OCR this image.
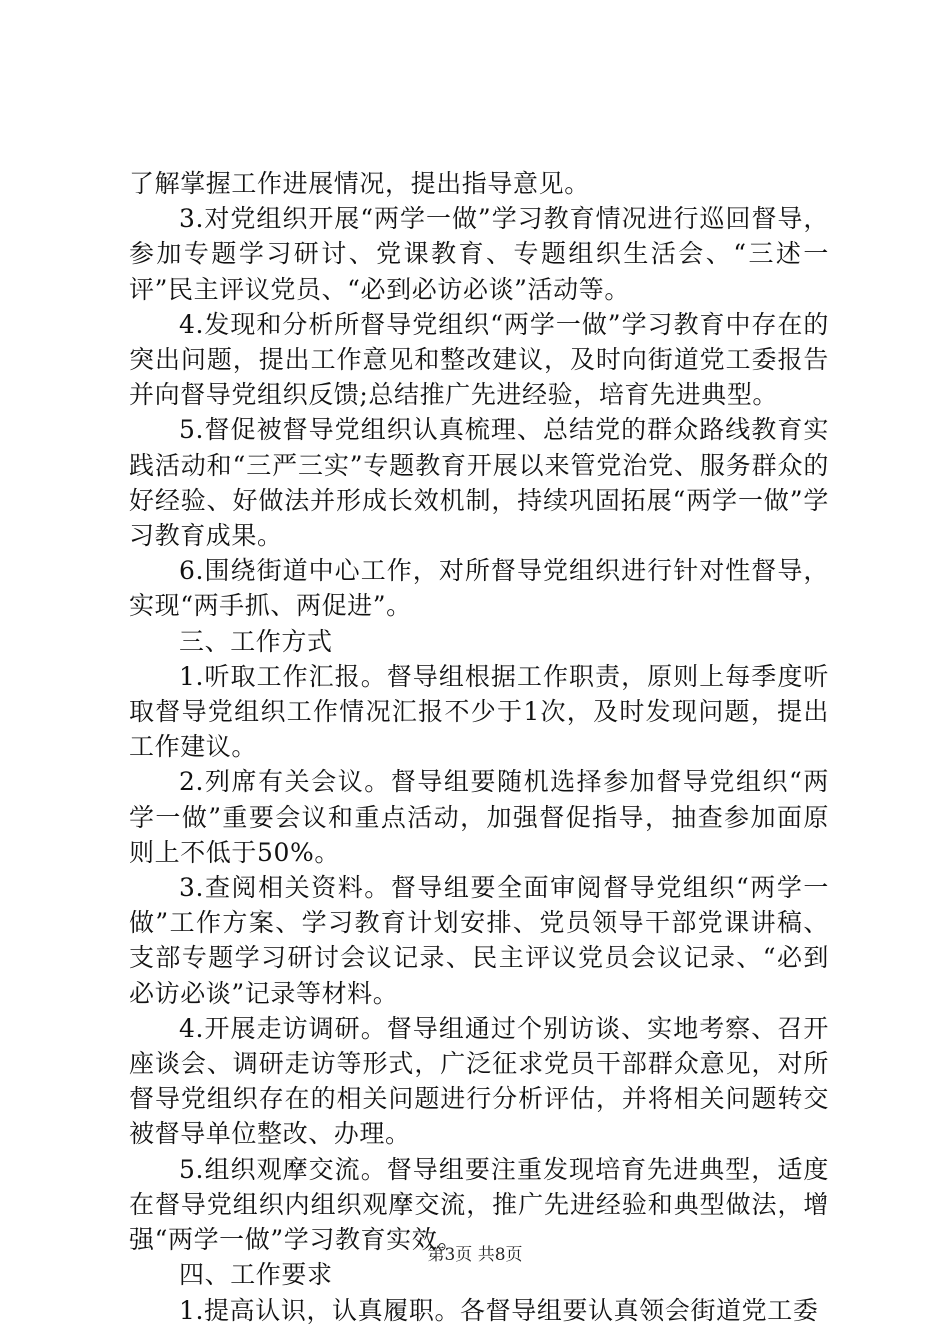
了解掌握工作进展情况，提出指导意见。

3.对党组织开展“两学一做”学习教育情况进行巡回督导，参加专题学习研讨、党课教育、专题组织生活会、“三述一评”民主评议党员、“必到必访必谈”活动等。

4.发现和分析所督导党组织“两学一做”学习教育中存在的突出问题，提出工作意见和整改建议，及时向街道党工委报告并向督导党组织反馈;总结推广先进经验，培育先进典型。

5.督促被督导党组织认真梳理、总结党的群众路线教育实践活动和“三严三实”专题教育开展以来管党治党、服务群众的好经验、好做法并形成长效机制，持续巩固拓展“两学一做”学习教育成果。

6.围绕街道中心工作，对所督导党组织进行针对性督导，实现“两手抓、两促进”。

三、工作方式

1.听取工作汇报。督导组根据工作职责，原则上每季度听取督导党组织工作情况汇报不少于1次，及时发现问题，提出工作建议。

2.列席有关会议。督导组要随机选择参加督导党组织“两学一做”重要会议和重点活动，加强督促指导，抽查参加面原则上不低于50%。

3.查阅相关资料。督导组要全面审阅督导党组织“两学一做”工作方案、学习教育计划安排、党员领导干部党课讲稿、支部专题学习研讨会议记录、民主评议党员会议记录、“必到必访必谈”记录等材料。

4.开展走访调研。督导组通过个别访谈、实地考察、召开座谈会、调研走访等形式，广泛征求党员干部群众意见，对所督导党组织存在的相关问题进行分析评估，并将相关问题转交被督导单位整改、办理。

5.组织观摩交流。督导组要注重发现培育先进典型，适度在督导党组织内组织观摩交流，推广先进经验和典型做法，增强“两学一做”学习教育实效。

四、工作要求

1.提高认识，认真履职。各督导组要认真领会街道党工委

第3页 共8页
